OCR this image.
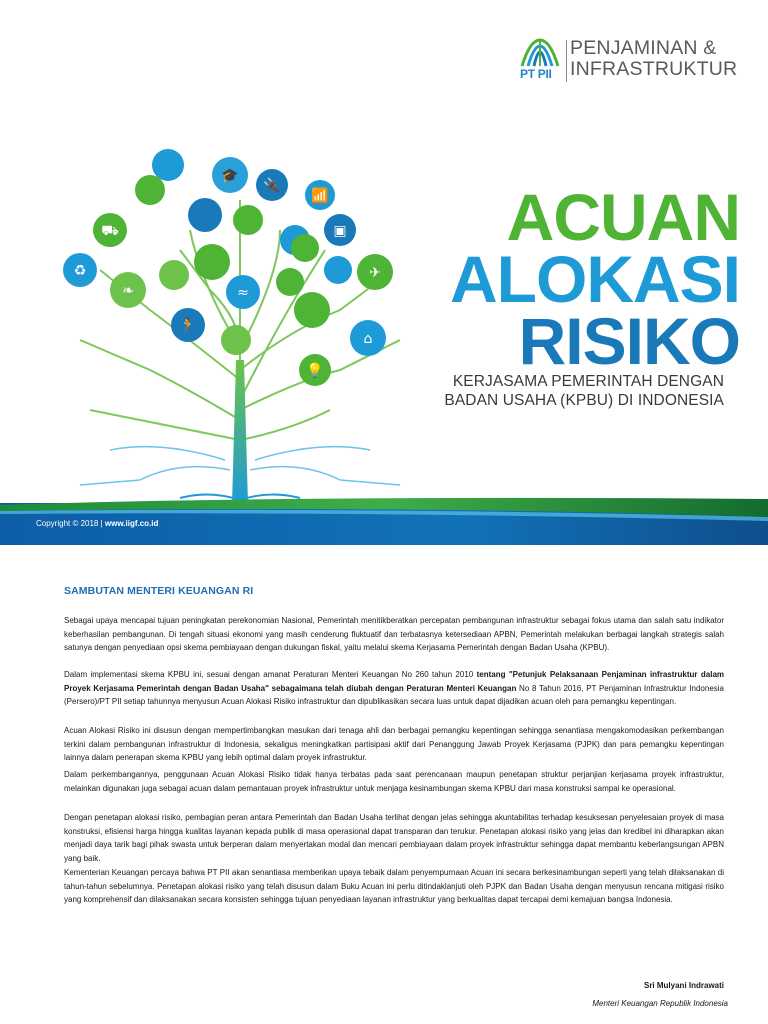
PT PII
PENJAMINAN &
INFRASTRUKTUR
🎓
🔌
📶
⛟
♻
▣
✈
❧	≈
⌂
🏃
💡
ACUAN
ALOKASI
RISIKO
KERJASAMA PEMERINTAH DENGAN
BADAN USAHA (KPBU) DI INDONESIA
Copyright © 2018 | www.iigf.co.id
SAMBUTAN MENTERI KEUANGAN RI
Sebagai upaya mencapai tujuan peningkatan perekonomian Nasional, Pemerintah menitikberatkan percepatan pembangunan infrastruktur sebagai fokus utama dan salah satu indikator keberhasilan pembangunan. Di tengah situasi ekonomi yang masih cenderung fluktuatif dan terbatasnya ketersediaan APBN, Pemerintah melakukan berbagai langkah strategis salah satunya dengan penyediaan opsi skema pembiayaan dengan dukungan fiskal, yaitu melalui skema Kerjasama Pemerintah dengan Badan Usaha (KPBU).
Dalam implementasi skema KPBU ini, sesuai dengan amanat Peraturan Menteri Keuangan No 260 tahun 2010 tentang "Petunjuk Pelaksanaan Penjaminan infrastruktur dalam Proyek Kerjasama Pemerintah dengan Badan Usaha" sebagaimana telah diubah dengan Peraturan Menteri Keuangan No 8 Tahun 2016, PT Penjaminan Infrastruktur Indonesia (Persero)/PT PII setiap tahunnya menyusun Acuan Alokasi Risiko infrastruktur dan dipublikasikan secara luas untuk dapat dijadikan acuan oleh para pemangku kepentingan.
Acuan Alokasi Risiko ini disusun dengan mempertimbangkan masukan dari tenaga ahli dan berbagai pemangku kepentingan sehingga senantiasa mengakomodasikan perkembangan terkini dalam pembangunan infrastruktur di Indonesia, sekaligus meningkatkan partisipasi aktif dari Penanggung Jawab Proyek Kerjasama (PJPK) dan para pemangku kepentingan lainnya dalam penerapan skema KPBU yang lebih optimal dalam proyek infrastruktur.
Dalam perkembangannya, penggunaan Acuan Alokasi Risiko tidak hanya terbatas pada saat perencanaan maupun penetapan struktur perjanjian kerjasama proyek infrastruktur, melainkan digunakan juga sebagai acuan dalam pemantauan proyek infrastruktur untuk menjaga kesinambungan skema KPBU dari masa konstruksi sampai ke operasional.
Dengan penetapan alokasi risiko, pembagian peran antara Pemerintah dan Badan Usaha terlihat dengan jelas sehingga akuntabilitas terhadap kesuksesan penyelesaian proyek di masa konstruksi, efisiensi harga hingga kualitas layanan kepada publik di masa operasional dapat transparan dan terukur. Penetapan alokasi risiko yang jelas dan kredibel ini diharapkan akan menjadi daya tarik bagi pihak swasta untuk berperan dalam menyertakan modal dan mencari pembiayaan dalam proyek infrastruktur sehingga dapat membantu keberlangsungan APBN yang baik.
Kementerian Keuangan percaya bahwa PT PII akan senantiasa memberikan upaya tebaik dalam penyempurnaan Acuan ini secara berkesinambungan seperti yang telah dilaksanakan di tahun-tahun sebelumnya. Penetapan alokasi risiko yang telah disusun dalam Buku Acuan ini perlu ditindaklanjuti oleh PJPK dan Badan Usaha dengan menyusun rencana mitigasi risiko yang komprehensif dan dilaksanakan secara konsisten sehingga tujuan penyediaan layanan infrastruktur yang berkualitas dapat tercapai demi kemajuan bangsa Indonesia.
Sri Mulyani Indrawati
Menteri Keuangan Republik Indonesia
